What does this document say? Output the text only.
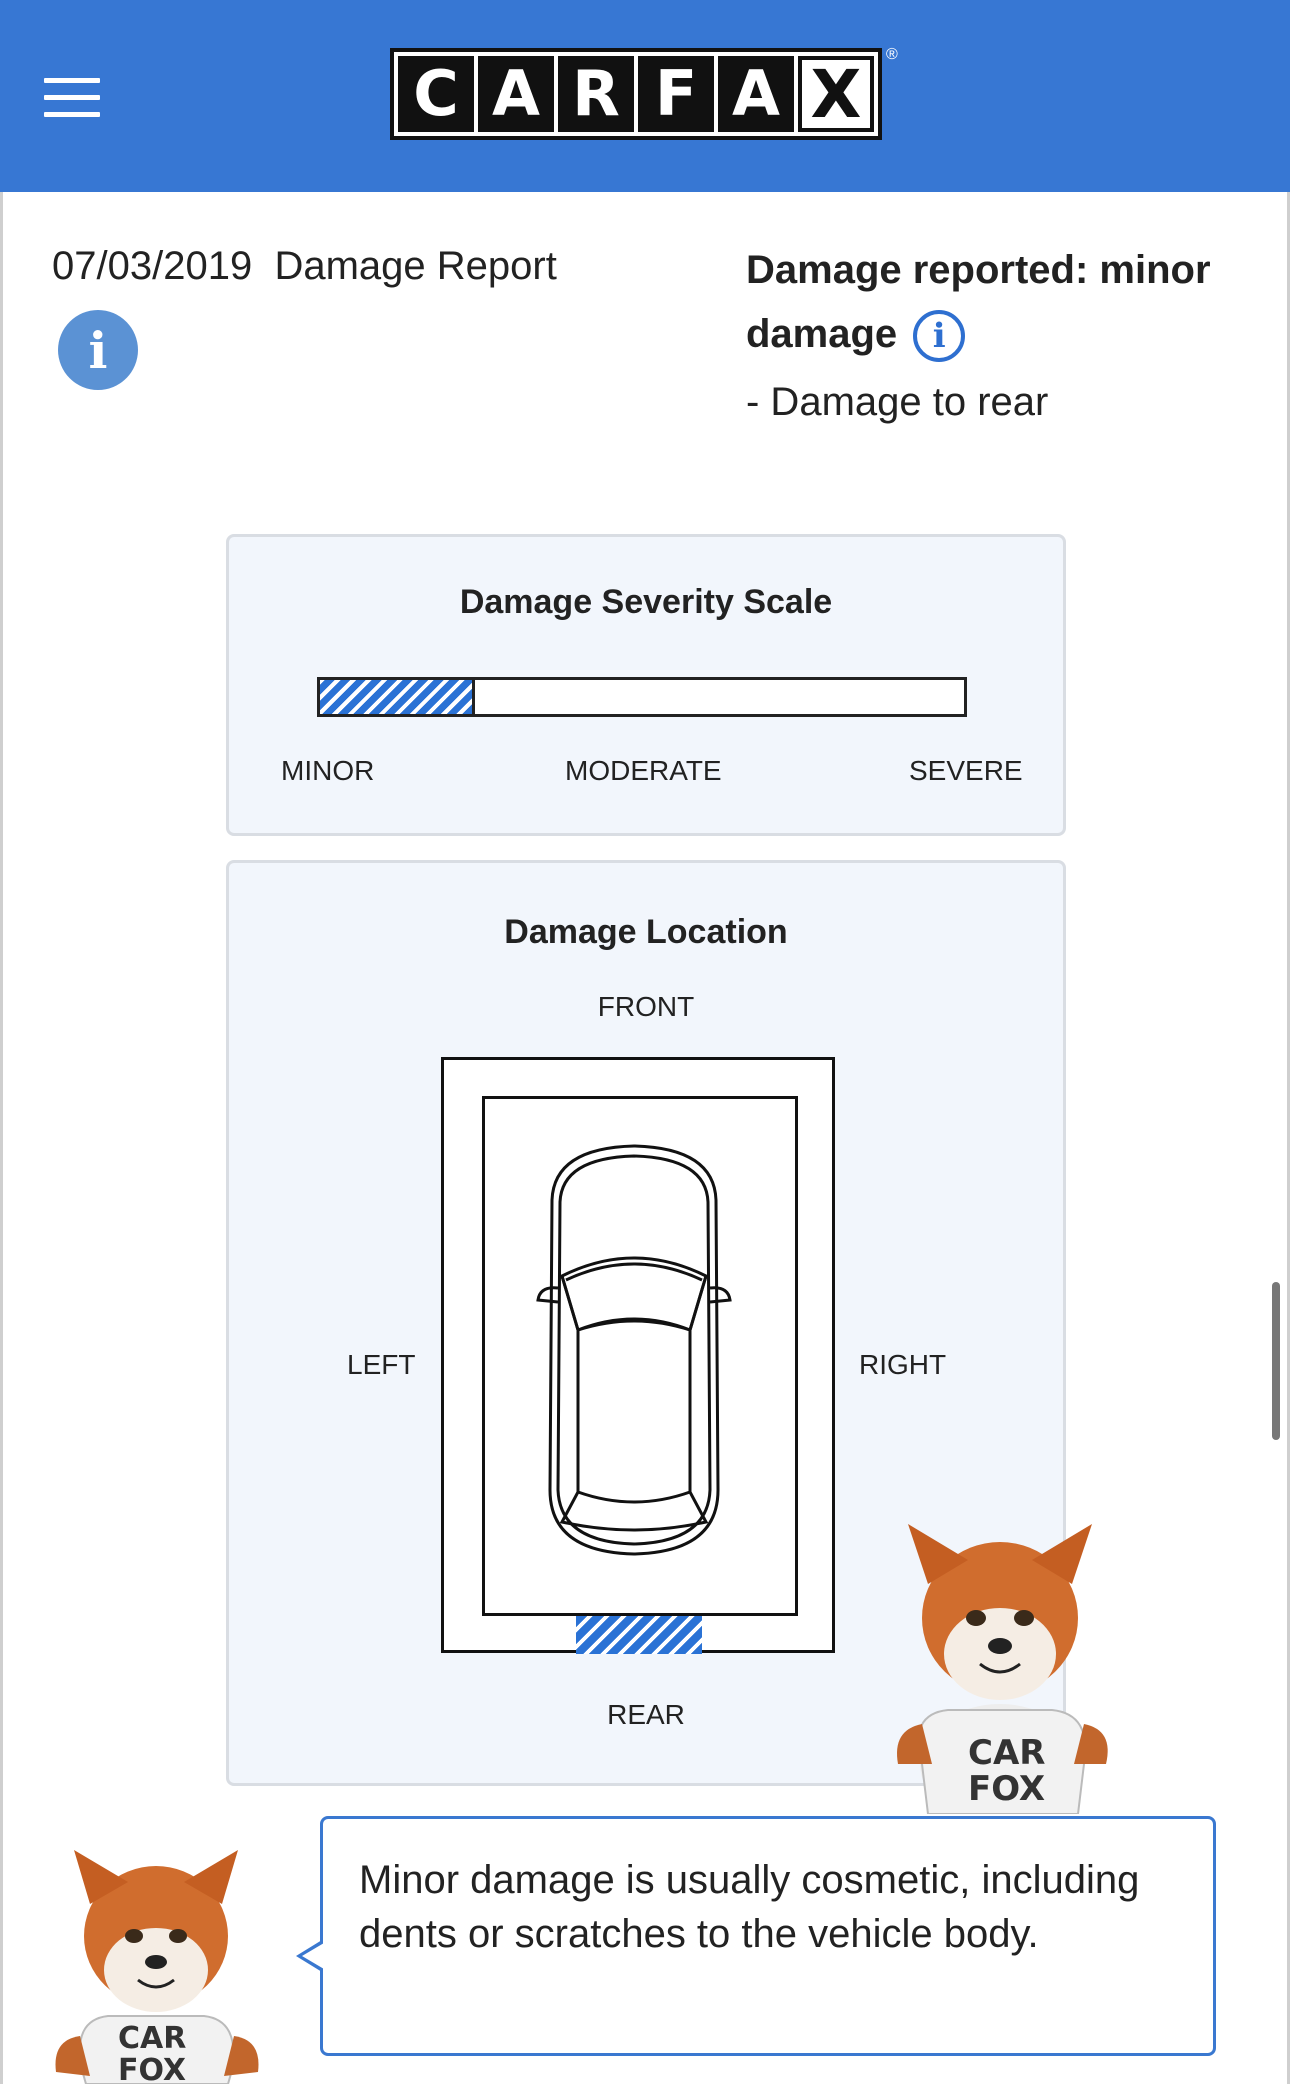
C A R F A X
®
07/03/2019 Damage Report
i
Damage reported: minor damage i
- Damage to rear
Damage Severity Scale
MINOR	MODERATE	SEVERE
Damage Location
FRONT
LEFT	RIGHT
REAR
CAR
FOX
CAR
FOX
Minor damage is usually cosmetic, including dents or scratches to the vehicle body.
